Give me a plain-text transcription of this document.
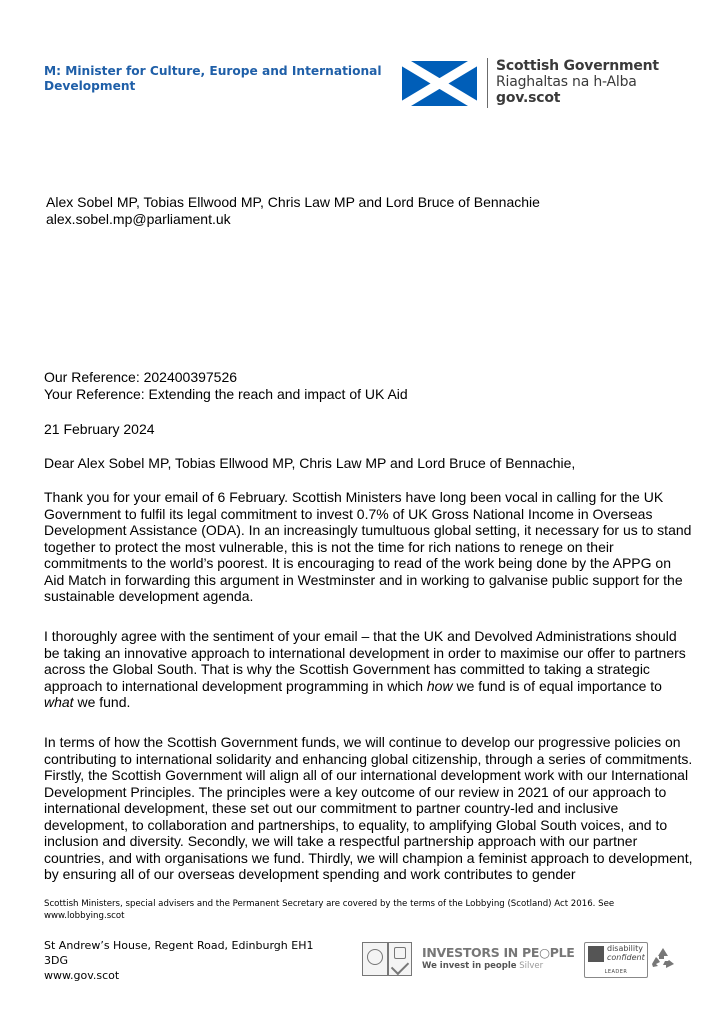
M: Minister for Culture, Europe and International
Development
Scottish Government
Riaghaltas na h-Alba
gov.scot
Alex Sobel MP, Tobias Ellwood MP, Chris Law MP and Lord Bruce of Bennachie
alex.sobel.mp@parliament.uk
Our Reference: 202400397526
Your Reference: Extending the reach and impact of UK Aid
21 February 2024
Dear Alex Sobel MP, Tobias Ellwood MP, Chris Law MP and Lord Bruce of Bennachie,

Thank you for your email of 6 February. Scottish Ministers have long been vocal in calling for the UK Government to fulfil its legal commitment to invest 0.7% of UK Gross National Income in Overseas Development Assistance (ODA). In an increasingly tumultuous global setting, it necessary for us to stand together to protect the most vulnerable, this is not the time for rich nations to renege on their commitments to the world’s poorest. It is encouraging to read of the work being done by the APPG on Aid Match in forwarding this argument in Westminster and in working to galvanise public support for the sustainable development agenda.

I thoroughly agree with the sentiment of your email – that the UK and Devolved Administrations should be taking an innovative approach to international development in order to maximise our offer to partners across the Global South. That is why the Scottish Government has committed to taking a strategic approach to international development programming in which how we fund is of equal importance to what we fund.

In terms of how the Scottish Government funds, we will continue to develop our progressive policies on contributing to international solidarity and enhancing global citizenship, through a series of commitments. Firstly, the Scottish Government will align all of our international development work with our International Development Principles. The principles were a key outcome of our review in 2021 of our approach to international development, these set out our commitment to partner country-led and inclusive development, to collaboration and partnerships, to equality, to amplifying Global South voices, and to inclusion and diversity. Secondly, we will take a respectful partnership approach with our partner countries, and with organisations we fund. Thirdly, we will champion a feminist approach to development, by ensuring all of our overseas development spending and work contributes to gender

Scottish Ministers, special advisers and the Permanent Secretary are covered by the terms of the Lobbying (Scotland) Act 2016. See www.lobbying.scot
St Andrew’s House, Regent Road, Edinburgh EH1
3DG
www.gov.scot
INVESTORS IN PE○PLE
We invest in people Silver
disability
confident
LEADER
